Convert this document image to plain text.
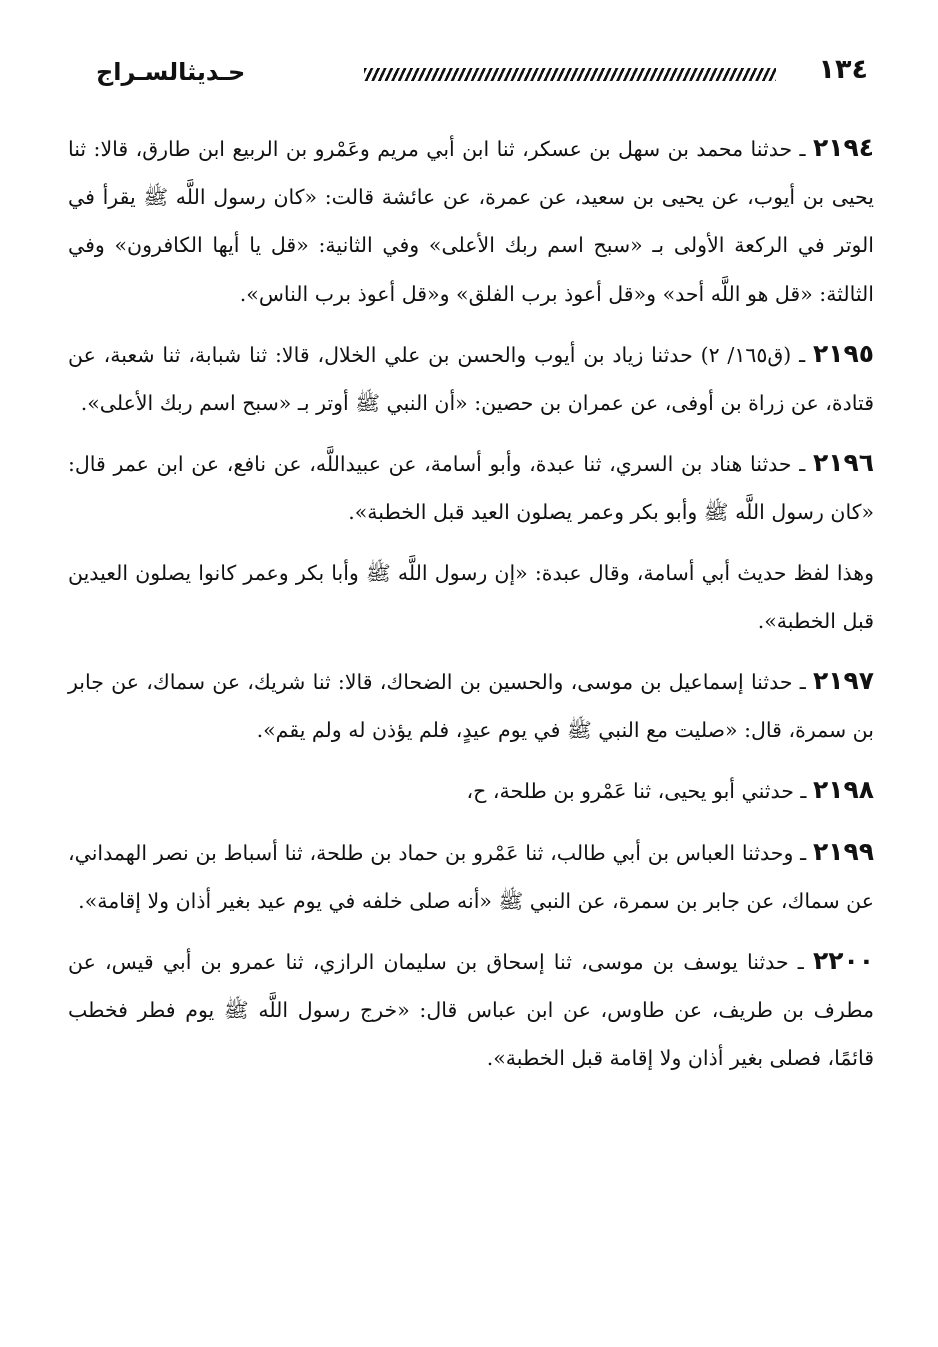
١٣٤
حـديثالسـراج

٢١٩٤ ـ حدثنا محمد بن سهل بن عسكر، ثنا ابن أبي مريم وعَمْرو بن الربيع ابن طارق، قالا: ثنا يحيى بن أيوب، عن يحيى بن سعيد، عن عمرة، عن عائشة قالت: «كان رسول اللَّه ﷺ يقرأ في الوتر في الركعة الأولى بـ «سبح اسم ربك الأعلى» وفي الثانية: «قل يا أيها الكافرون» وفي الثالثة: «قل هو اللَّه أحد» و«قل أعوذ برب الفلق» و«قل أعوذ برب الناس».

٢١٩٥ ـ (ق١٦٥/ ٢) حدثنا زياد بن أيوب والحسن بن علي الخلال، قالا: ثنا شبابة، ثنا شعبة، عن قتادة، عن زراة بن أوفى، عن عمران بن حصين: «أن النبي ﷺ أوتر بـ «سبح اسم ربك الأعلى».

٢١٩٦ ـ حدثنا هناد بن السري، ثنا عبدة، وأبو أسامة، عن عبيداللَّه، عن نافع، عن ابن عمر قال: «كان رسول اللَّه ﷺ وأبو بكر وعمر يصلون العيد قبل الخطبة».

وهذا لفظ حديث أبي أسامة، وقال عبدة: «إن رسول اللَّه ﷺ وأبا بكر وعمر كانوا يصلون العيدين قبل الخطبة».

٢١٩٧ ـ حدثنا إسماعيل بن موسى، والحسين بن الضحاك، قالا: ثنا شريك، عن سماك، عن جابر بن سمرة، قال: «صليت مع النبي ﷺ في يوم عيدٍ، فلم يؤذن له ولم يقم».

٢١٩٨ ـ حدثني أبو يحيى، ثنا عَمْرو بن طلحة، ح،

٢١٩٩ ـ وحدثنا العباس بن أبي طالب، ثنا عَمْرو بن حماد بن طلحة، ثنا أسباط بن نصر الهمداني، عن سماك، عن جابر بن سمرة، عن النبي ﷺ «أنه صلى خلفه في يوم عيد بغير أذان ولا إقامة».

٢٢٠٠ ـ حدثنا يوسف بن موسى، ثنا إسحاق بن سليمان الرازي، ثنا عمرو بن أبي قيس، عن مطرف بن طريف، عن طاوس، عن ابن عباس قال: «خرج رسول اللَّه ﷺ يوم فطر فخطب قائمًا، فصلى بغير أذان ولا إقامة قبل الخطبة».
